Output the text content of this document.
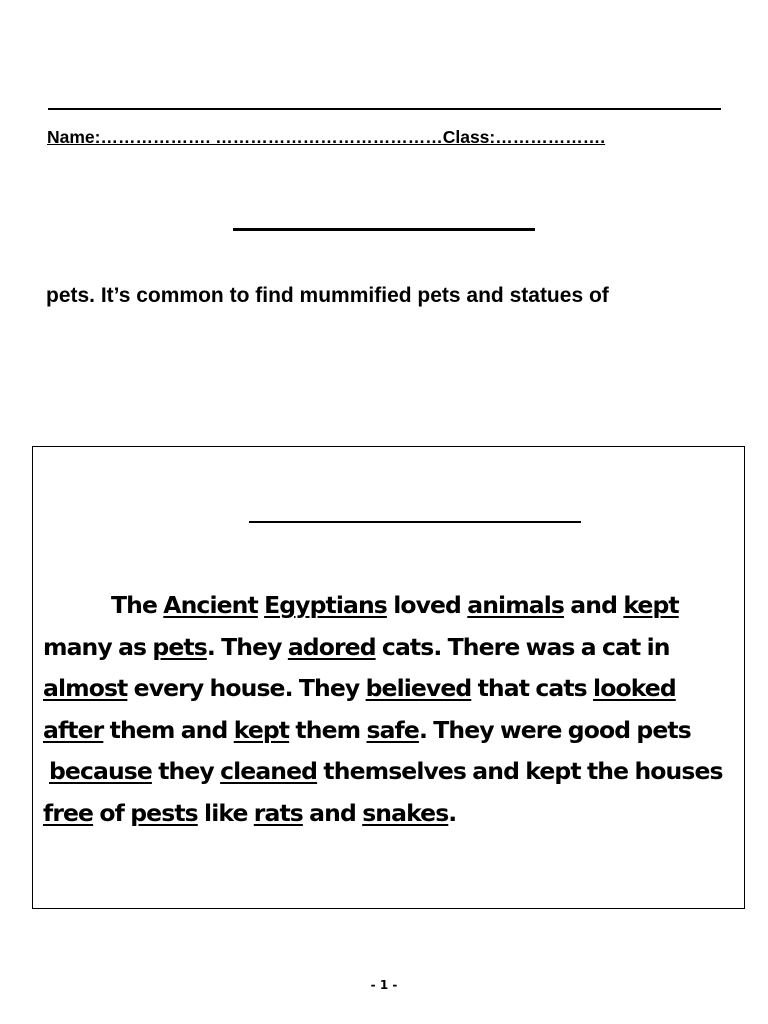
Name:………………. …………………………………Class:……………….
pets. It’s common to find mummified pets and statues of
The Ancient Egyptians loved animals and kept
many as pets. They adored cats. There was a cat in
almost every house. They believed that cats looked
after them and kept them safe. They were good pets
because they cleaned themselves and kept the houses
free of pests like rats and snakes.
- 1 -
